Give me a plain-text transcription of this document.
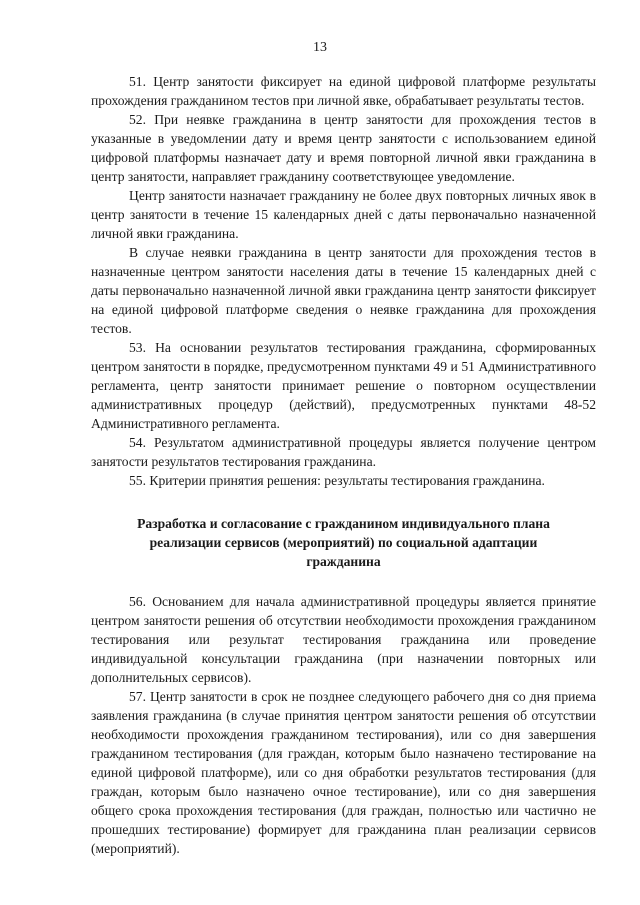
13

51. Центр занятости фиксирует на единой цифровой платформе результаты прохождения гражданином тестов при личной явке, обрабатывает результаты тестов.

52. При неявке гражданина в центр занятости для прохождения тестов в указанные в уведомлении дату и время центр занятости с использованием единой цифровой платформы назначает дату и время повторной личной явки гражданина в центр занятости, направляет гражданину соответствующее уведомление.

Центр занятости назначает гражданину не более двух повторных личных явок в центр занятости в течение 15 календарных дней с даты первоначально назначенной личной явки гражданина.

В случае неявки гражданина в центр занятости для прохождения тестов в назначенные центром занятости населения даты в течение 15 календарных дней с даты первоначально назначенной личной явки гражданина центр занятости фиксирует на единой цифровой платформе сведения о неявке гражданина для прохождения тестов.

53. На основании результатов тестирования гражданина, сформированных центром занятости в порядке, предусмотренном пунктами 49 и 51 Административного регламента, центр занятости принимает решение о повторном осуществлении административных процедур (действий), предусмотренных пунктами 48-52 Административного регламента.

54. Результатом административной процедуры является получение центром занятости результатов тестирования гражданина.

55. Критерии принятия решения: результаты тестирования гражданина.

Разработка и согласование с гражданином индивидуального плана реализации сервисов (мероприятий) по социальной адаптации гражданина

56. Основанием для начала административной процедуры является принятие центром занятости решения об отсутствии необходимости прохождения гражданином тестирования или результат тестирования гражданина или проведение индивидуальной консультации гражданина (при назначении повторных или дополнительных сервисов).

57. Центр занятости в срок не позднее следующего рабочего дня со дня приема заявления гражданина (в случае принятия центром занятости решения об отсутствии необходимости прохождения гражданином тестирования), или со дня завершения гражданином тестирования (для граждан, которым было назначено тестирование на единой цифровой платформе), или со дня обработки результатов тестирования (для граждан, которым было назначено очное тестирование), или со дня завершения общего срока прохождения тестирования (для граждан, полностью или частично не прошедших тестирование) формирует для гражданина план реализации сервисов (мероприятий).
